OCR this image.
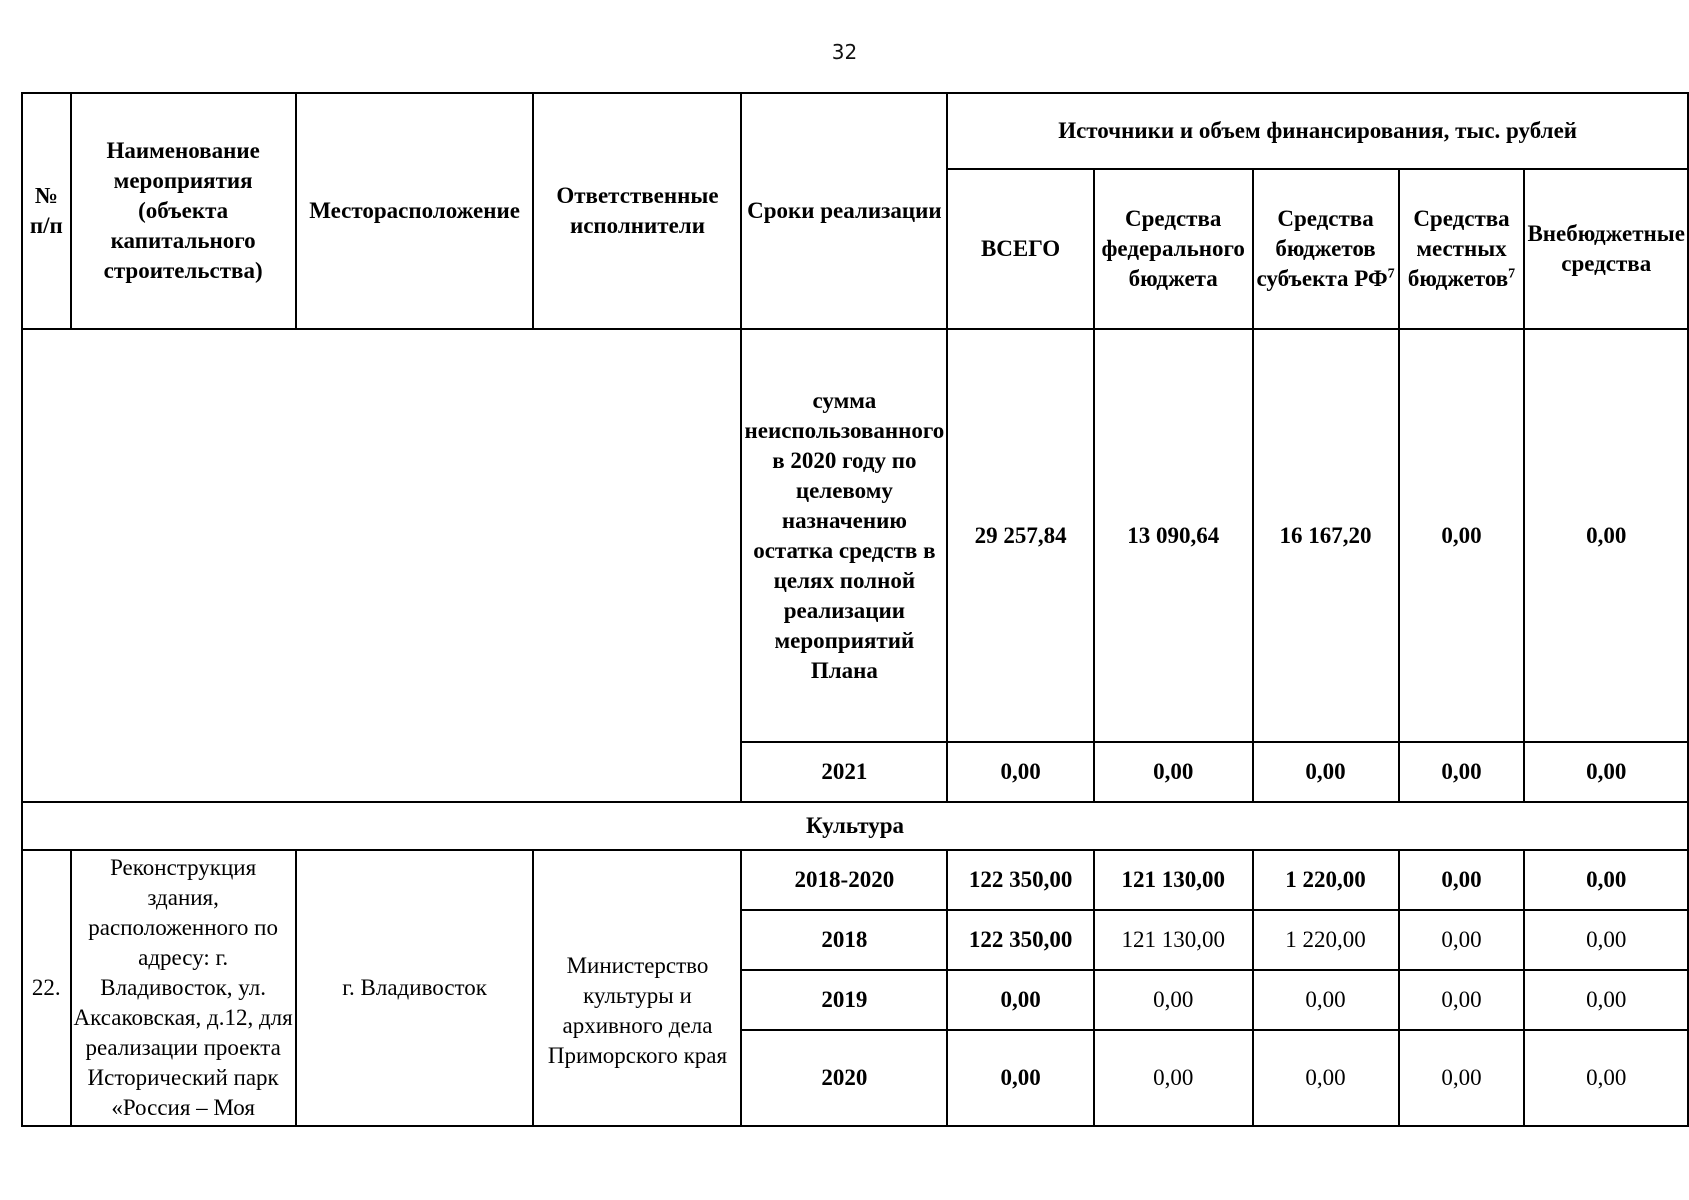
32
№ п/п	Наименование мероприятия (объекта капитального строительства)	Месторасположение	Ответственные исполнители	Сроки реализации	Источники и объем финансирования, тыс. рублей				
					ВСЕГО	Средства федерального бюджета	Средства бюджетов субъекта $РФ^7$	Средства местных бюджетов$^7$	Внебюджетные средства
				сумма неиспользованного в 2020 году по целевому назначению остатка средств в целях полной реализации мероприятий Плана	29 257,84	13 090,64	16 167,20	0,00	0,00
				2021	0,00	0,00	0,00	0,00	0,00
Культура									
22.	Реконструкция здания, расположенного по адресу: г. Владивосток, ул. Аксаковская, д.12, для реализации проекта Исторический парк «Россия – Моя	г. Владивосток	Министерство культуры и архивного дела Приморского края	2018-2020	122 350,00	121 130,00	1 220,00	0,00	0,00
				2018	122 350,00	121 130,00	1 220,00	0,00	0,00
				2019	0,00	0,00	0,00	0,00	0,00
				2020	0,00	0,00	0,00	0,00	0,00
